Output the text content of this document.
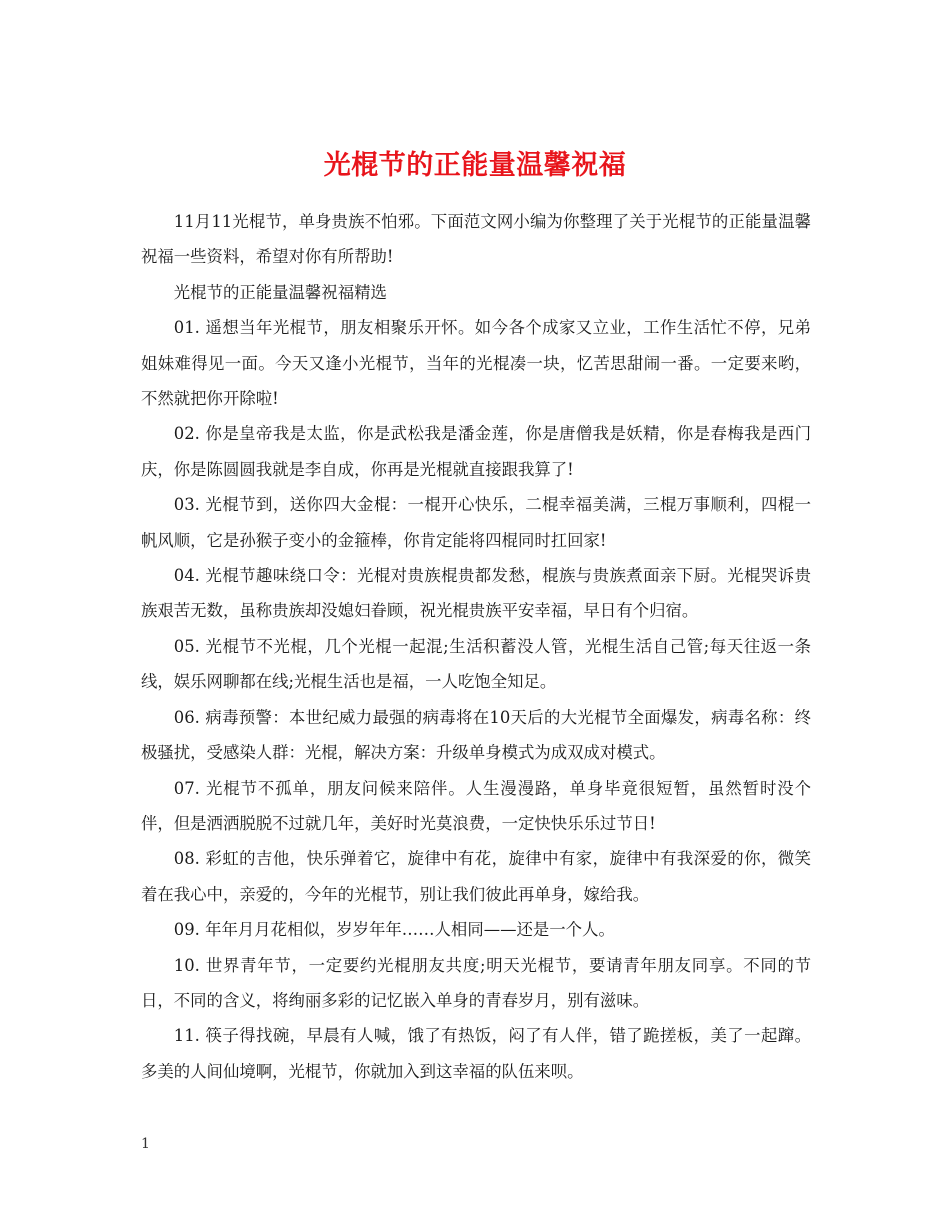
光棍节的正能量温馨祝福

11月11光棍节，单身贵族不怕邪。下面范文网小编为你整理了关于光棍节的正能量温馨祝福一些资料，希望对你有所帮助!

光棍节的正能量温馨祝福精选

01. 遥想当年光棍节，朋友相聚乐开怀。如今各个成家又立业，工作生活忙不停，兄弟姐妹难得见一面。今天又逢小光棍节，当年的光棍凑一块，忆苦思甜闹一番。一定要来哟，不然就把你开除啦!

02. 你是皇帝我是太监，你是武松我是潘金莲，你是唐僧我是妖精，你是春梅我是西门庆，你是陈圆圆我就是李自成，你再是光棍就直接跟我算了!

03. 光棍节到，送你四大金棍：一棍开心快乐，二棍幸福美满，三棍万事顺利，四棍一帆风顺，它是孙猴子变小的金箍棒，你肯定能将四棍同时扛回家!

04. 光棍节趣味绕口令：光棍对贵族棍贵都发愁，棍族与贵族煮面亲下厨。光棍哭诉贵族艰苦无数，虽称贵族却没媳妇眷顾，祝光棍贵族平安幸福，早日有个归宿。

05. 光棍节不光棍，几个光棍一起混;生活积蓄没人管，光棍生活自己管;每天往返一条线，娱乐网聊都在线;光棍生活也是福，一人吃饱全知足。

06. 病毒预警：本世纪威力最强的病毒将在10天后的大光棍节全面爆发，病毒名称：终极骚扰，受感染人群：光棍，解决方案：升级单身模式为成双成对模式。

07. 光棍节不孤单，朋友问候来陪伴。人生漫漫路，单身毕竟很短暂，虽然暂时没个伴，但是洒洒脱脱不过就几年，美好时光莫浪费，一定快快乐乐过节日!

08. 彩虹的吉他，快乐弹着它，旋律中有花，旋律中有家，旋律中有我深爱的你，微笑着在我心中，亲爱的，今年的光棍节，别让我们彼此再单身，嫁给我。

09. 年年月月花相似，岁岁年年……人相同——还是一个人。

10. 世界青年节，一定要约光棍朋友共度;明天光棍节，要请青年朋友同享。不同的节日，不同的含义，将绚丽多彩的记忆嵌入单身的青春岁月，别有滋味。

11. 筷子得找碗，早晨有人喊，饿了有热饭，闷了有人伴，错了跪搓板，美了一起蹿。多美的人间仙境啊，光棍节，你就加入到这幸福的队伍来呗。

1
